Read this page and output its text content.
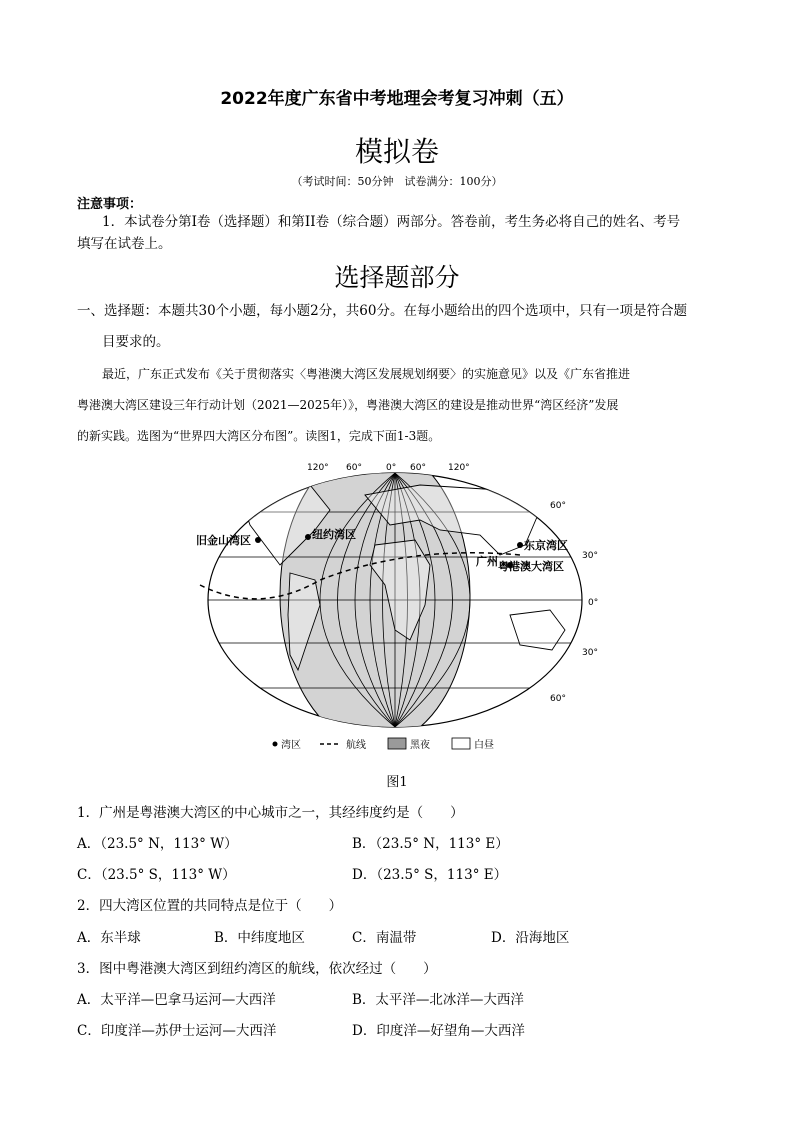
2022年度广东省中考地理会考复习冲刺（五）
模拟卷
（考试时间：50分钟　试卷满分：100分）
注意事项：
1．本试卷分第I卷（选择题）和第II卷（综合题）两部分。答卷前，考生务必将自己的姓名、考号
填写在试卷上。
选择题部分
一、选择题：本题共30个小题，每小题2分，共60分。在每小题给出的四个选项中，只有一项是符合题
目要求的。
最近，广东正式发布《关于贯彻落实〈粤港澳大湾区发展规划纲要〉的实施意见》以及《广东省推进
粤港澳大湾区建设三年行动计划（2021—2025年）》，粤港澳大湾区的建设是推动世界“湾区经济”发展
的新实践。选图为“世界四大湾区分布图”。读图1，完成下面1-3题。
旧金山湾区	纽约湾区
东京湾区
广州 粤港澳大湾区
120° 60°	0° 60° 120°
60°
30°
0°
30°
60°
湾区	航线	黑夜	白昼
图1
1．广州是粤港澳大湾区的中心城市之一，其经纬度约是（　　）
A．（23.5° N，113° W）	B．（23.5° N，113° E）
C．（23.5° S，113° W）	D．（23.5° S，113° E）
2．四大湾区位置的共同特点是位于（　　）
A．东半球	B．中纬度地区	C．南温带	D．沿海地区
3．图中粤港澳大湾区到纽约湾区的航线，依次经过（　　）
A．太平洋—巴拿马运河—大西洋	B．太平洋—北冰洋—大西洋
C．印度洋—苏伊士运河—大西洋	D．印度洋—好望角—大西洋
